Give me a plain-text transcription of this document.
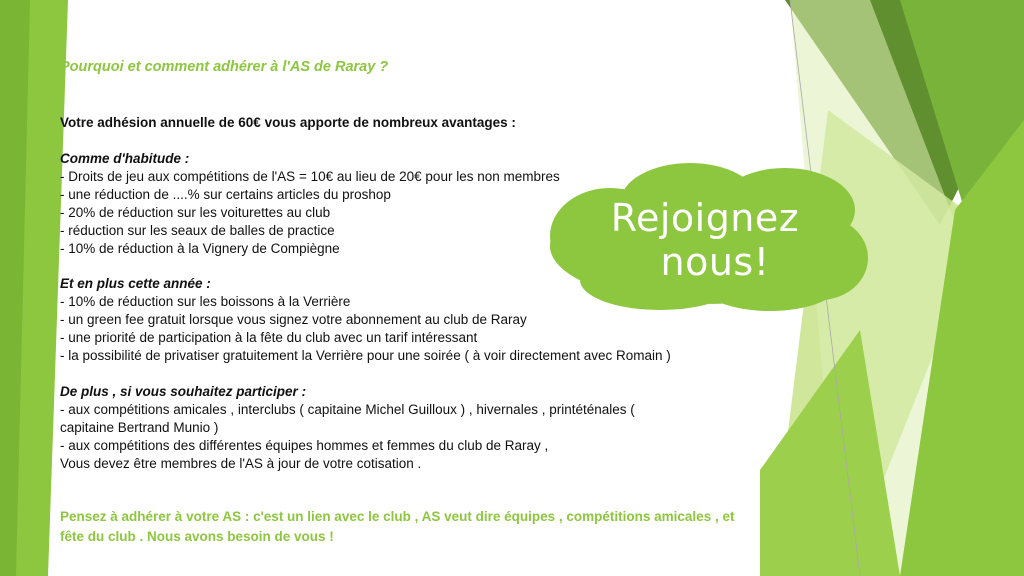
Rejoignez
nous!
Pourquoi et comment adhérer à l'AS de Raray ?
Votre adhésion annuelle de 60€ vous apporte de nombreux avantages :
Comme d'habitude :
- Droits de jeu aux compétitions de l'AS = 10€ au lieu de 20€ pour les non membres
- une réduction de ....% sur certains articles du proshop
- 20% de réduction sur les voiturettes au club
- réduction sur les seaux de balles de practice
- 10% de réduction à la Vignery de Compiègne
Et en plus cette année :
- 10% de réduction sur les boissons à la Verrière
- un green fee gratuit lorsque vous signez votre abonnement au club de Raray
- une priorité de participation à la fête du club avec un tarif intéressant
- la possibilité de privatiser gratuitement la Verrière pour une soirée ( à voir directement avec Romain )
De plus , si vous souhaitez participer :
- aux compétitions amicales , interclubs ( capitaine Michel Guilloux ) , hivernales , printéténales (
capitaine Bertrand Munio )
- aux compétitions des différentes équipes hommes et femmes du club de Raray ,
Vous devez être membres de l'AS à jour de votre cotisation .
Pensez à adhérer à votre AS : c'est un lien avec le club , AS veut dire équipes , compétitions amicales , et fête du club . Nous avons besoin de vous !
